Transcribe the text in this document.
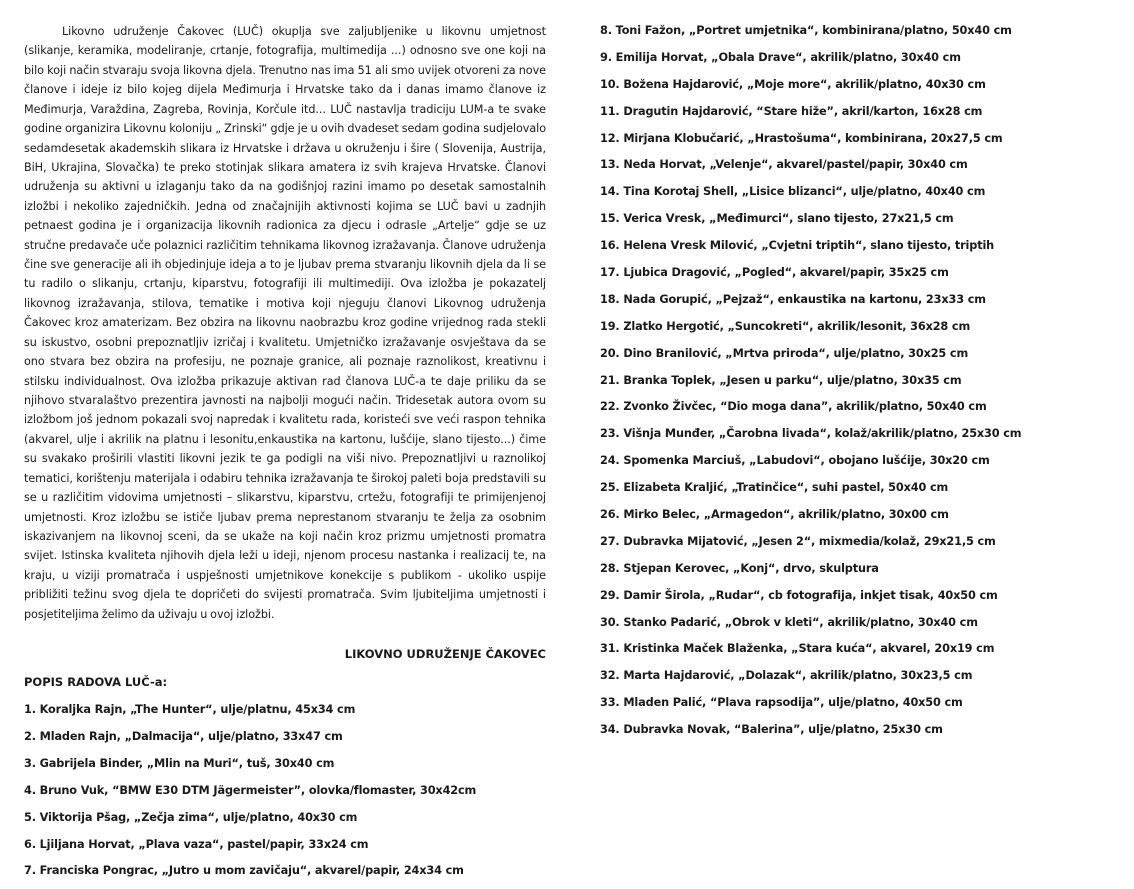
Likovno udruženje Čakovec (LUČ) okuplja sve zaljubljenike u likovnu umjetnost (slikanje, keramika, modeliranje, crtanje, fotografija, multimedija ...) odnosno sve one koji na bilo koji način stvaraju svoja likovna djela. Trenutno nas ima 51 ali smo uvijek otvoreni za nove članove i ideje iz bilo kojeg dijela Međimurja i Hrvatske tako da i danas imamo članove iz Međimurja, Varaždina, Zagreba, Rovinja, Korčule itd... LUČ nastavlja tradiciju LUM-a te svake godine organizira Likovnu koloniju „ Zrinski“ gdje je u ovih dvadeset sedam godina sudjelovalo sedamdesetak akademskih slikara iz Hrvatske i država u okruženju i šire ( Slovenija, Austrija, BiH, Ukrajina, Slovačka) te preko stotinjak slikara amatera iz svih krajeva Hrvatske. Članovi udruženja su aktivni u izlaganju tako da na godišnjoj razini imamo po desetak samostalnih izložbi i nekoliko zajedničkih. Jedna od značajnijih aktivnosti kojima se LUČ bavi u zadnjih petnaest godina je i organizacija likovnih radionica za djecu i odrasle „Artelje“ gdje se uz stručne predavače uče polaznici različitim tehnikama likovnog izražavanja. Članove udruženja čine sve generacije ali ih objedinjuje ideja a to je ljubav prema stvaranju likovnih djela da li se tu radilo o slikanju, crtanju, kiparstvu, fotografiji ili multimediji. Ova izložba je pokazatelj likovnog izražavanja, stilova, tematike i motiva koji njeguju članovi Likovnog udruženja Čakovec kroz amaterizam. Bez obzira na likovnu naobrazbu kroz godine vrijednog rada stekli su iskustvo, osobni prepoznatljiv izričaj i kvalitetu. Umjetničko izražavanje osvještava da se ono stvara bez obzira na profesiju, ne poznaje granice, ali poznaje raznolikost, kreativnu i stilsku individualnost. Ova izložba prikazuje aktivan rad članova LUČ-a te daje priliku da se njihovo stvaralaštvo prezentira javnosti na najbolji mogući način. Tridesetak autora ovom su izložbom još jednom pokazali svoj napredak i kvalitetu rada, koristeći sve veći raspon tehnika (akvarel, ulje i akrilik na platnu i lesonitu,enkaustika na kartonu, lušćije, slano tijesto...) čime su svakako proširili vlastiti likovni jezik te ga podigli na viši nivo. Prepoznatljivi u raznolikoj tematici, korištenju materijala i odabiru tehnika izražavanja te širokoj paleti boja predstavili su se u različitim vidovima umjetnosti – slikarstvu, kiparstvu, crtežu, fotografiji te primijenjenoj umjetnosti. Kroz izložbu se ističe ljubav prema neprestanom stvaranju te želja za osobnim iskazivanjem na likovnoj sceni, da se ukaže na koji način kroz prizmu umjetnosti promatra svijet. Istinska kvaliteta njihovih djela leži u ideji, njenom procesu nastanka i realizacij te, na kraju, u viziji promatrača i uspješnosti umjetnikove konekcije s publikom - ukoliko uspije približiti težinu svog djela te dopričeti do svijesti promatrača. Svim ljubiteljima umjetnosti i posjetiteljima želimo da uživaju u ovoj izložbi.

LIKOVNO UDRUŽENJE ČAKOVEC
POPIS RADOVA LUČ-a:
1. Koraljka Rajn, „The Hunter“, ulje/platnu, 45x34 cm
2. Mladen Rajn, „Dalmacija“, ulje/platno, 33x47 cm
3. Gabrijela Binder, „Mlin na Muri“, tuš, 30x40 cm
4. Bruno Vuk, “BMW E30 DTM Jägermeister”, olovka/flomaster, 30x42cm
5. Viktorija Pšag, „Zečja zima“, ulje/platno, 40x30 cm
6. Ljiljana Horvat, „Plava vaza“, pastel/papir, 33x24 cm
7. Franciska Pongrac, „Jutro u mom zavičaju“, akvarel/papir, 24x34 cm
8. Toni Fažon, „Portret umjetnika“, kombinirana/platno, 50x40 cm
9. Emilija Horvat, „Obala Drave“, akrilik/platno, 30x40 cm
10. Božena Hajdarović, „Moje more“, akrilik/platno, 40x30 cm
11. Dragutin Hajdarović, “Stare hiže”, akril/karton, 16x28 cm
12. Mirjana Klobučarić, „Hrastošuma“, kombinirana, 20x27,5 cm
13. Neda Horvat, „Velenje“, akvarel/pastel/papir, 30x40 cm
14. Tina Korotaj Shell, „Lisice blizanci“, ulje/platno, 40x40 cm
15. Verica Vresk, „Međimurci“, slano tijesto, 27x21,5 cm
16. Helena Vresk Milović, „Cvjetni triptih“, slano tijesto, triptih
17. Ljubica Dragović, „Pogled“, akvarel/papir, 35x25 cm
18. Nada Gorupić, „Pejzaž“, enkaustika na kartonu, 23x33 cm
19. Zlatko Hergotić, „Suncokreti“, akrilik/lesonit, 36x28 cm
20. Dino Branilović, „Mrtva priroda“, ulje/platno, 30x25 cm
21. Branka Toplek, „Jesen u parku“, ulje/platno, 30x35 cm
22. Zvonko Živčec, “Dio moga dana”, akrilik/platno, 50x40 cm
23. Višnja Munđer, „Čarobna livada“, kolaž/akrilik/platno, 25x30 cm
24. Spomenka Marciuš, „Labudovi“, obojano lušćije, 30x20 cm
25. Elizabeta Kraljić, „Tratinčice“, suhi pastel, 50x40 cm
26. Mirko Belec, „Armagedon“, akrilik/platno, 30x00 cm
27. Dubravka Mijatović, „Jesen 2“, mixmedia/kolaž, 29x21,5 cm
28. Stjepan Kerovec, „Konj“, drvo, skulptura
29. Damir Širola, „Rudar“, cb fotografija, inkjet tisak, 40x50 cm
30. Stanko Padarić, „Obrok v kleti“, akrilik/platno, 30x40 cm
31. Kristinka Maček Blaženka, „Stara kuća“, akvarel, 20x19 cm
32. Marta Hajdarović, „Dolazak“, akrilik/platno, 30x23,5 cm
33. Mladen Palić, “Plava rapsodija”, ulje/platno, 40x50 cm
34. Dubravka Novak, “Balerina”, ulje/platno, 25x30 cm
